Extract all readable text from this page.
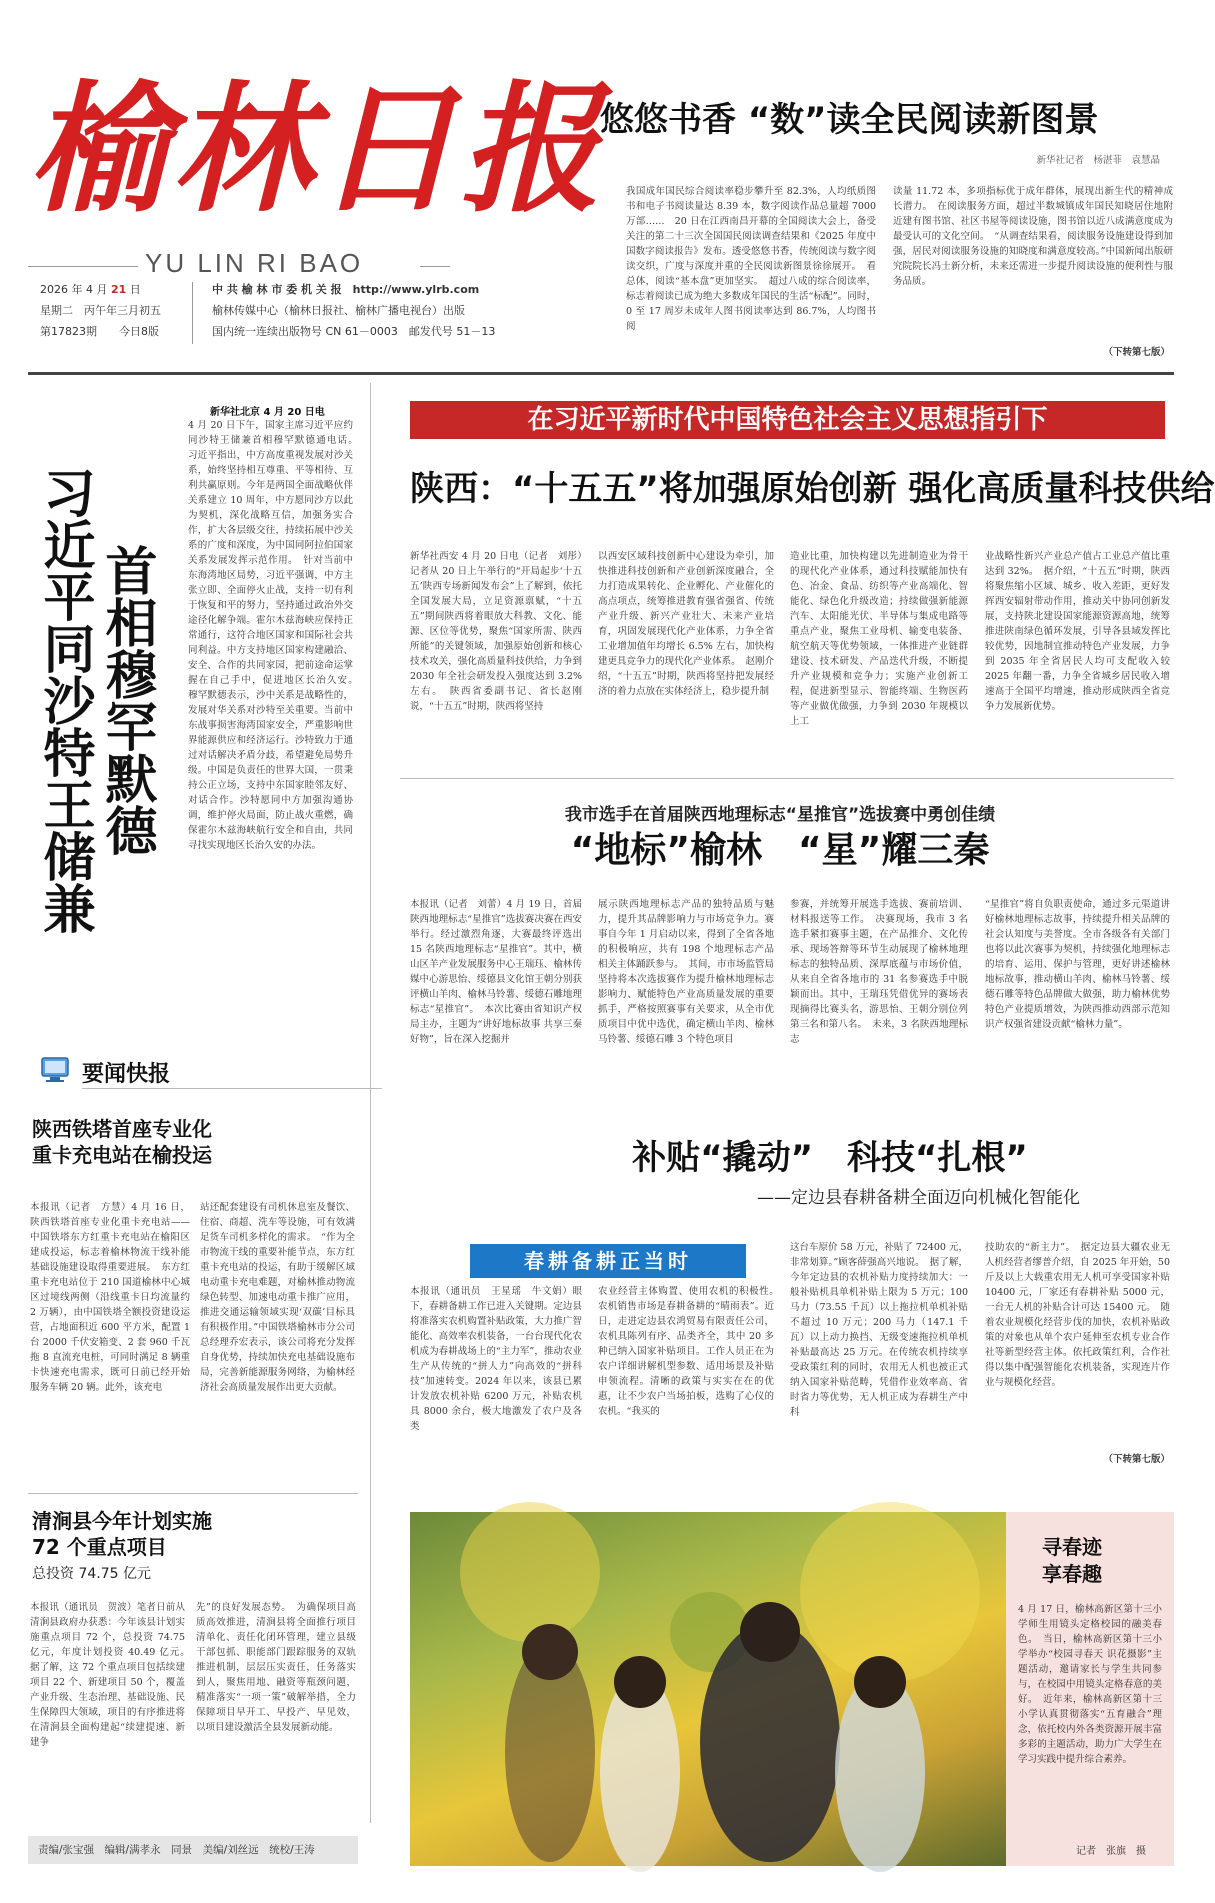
榆林日报
YU LIN RI BAO
2026 年 4 月 21 日
星期二　丙午年三月初五
第17823期　　今日8版
中 共 榆 林 市 委 机 关 报　http://www.ylrb.com
榆林传媒中心（榆林日报社、榆林广播电视台）出版
国内统一连续出版物号 CN 61－0003　邮发代号 51－13
悠悠书香 “数”读全民阅读新图景
新华社记者　杨湛菲　袁慧晶
我国成年国民综合阅读率稳步攀升至 82.3%，人均纸质图书和电子书阅读量达 8.39 本，数字阅读作品总量超 7000 万部……　20 日在江西南昌开幕的全国阅读大会上，备受关注的第二十三次全国国民阅读调查结果和《2025 年度中国数字阅读报告》发布。透受悠悠书香，传统阅读与数字阅读交织，广度与深度并重的全民阅读新图景徐徐展开。　看总体，阅读“基本盘”更加坚实。　超过八成的综合阅读率，标志着阅读已成为绝大多数成年国民的生活“标配”。同时，0 至 17 周岁未成年人图书阅读率达到 86.7%，人均图书阅
读量 11.72 本，多项指标优于成年群体，展现出新生代的精神成长潜力。　在阅读服务方面，超过半数城镇成年国民知晓居住地附近建有图书馆、社区书屋等阅读设施，图书馆以近八成满意度成为最受认可的文化空间。　“从调查结果看，阅读服务设施建设得到加强，居民对阅读服务设施的知晓度和满意度较高。”中国新闻出版研究院院长冯士新分析，未来还需进一步提升阅读设施的便利性与服务品质。
（下转第七版）
习近平同沙特王储兼 首相穆罕默德
新华社北京 4 月 20 日电
4 月 20 日下午，国家主席习近平应约同沙特王储兼首相穆罕默德通电话。　习近平指出，中方高度重视发展对沙关系，始终坚持相互尊重、平等相待、互利共赢原则。今年是两国全面战略伙伴关系建立 10 周年，中方愿同沙方以此为契机，深化战略互信，加强务实合作，扩大各层级交往，持续拓展中沙关系的广度和深度，为中国同阿拉伯国家关系发展发挥示范作用。　针对当前中东海湾地区局势，习近平强调，中方主张立即、全面停火止战，支持一切有利于恢复和平的努力，坚持通过政治外交途径化解争端。霍尔木兹海峡应保持正常通行，这符合地区国家和国际社会共同利益。中方支持地区国家构建融洽、安全、合作的共同家园，把前途命运掌握在自己手中，促进地区长治久安。　穆罕默德表示，沙中关系是战略性的，发展对华关系对沙特至关重要。当前中东战事损害海湾国家安全，严重影响世界能源供应和经济运行。沙特致力于通过对话解决矛盾分歧，希望避免局势升级。中国是负责任的世界大国，一贯秉持公正立场，支持中东国家睦邻友好、对话合作。沙特愿同中方加强沟通协调，维护停火局面，防止战火重燃，确保霍尔木兹海峡航行安全和自由，共同寻找实现地区长治久安的办法。
在习近平新时代中国特色社会主义思想指引下
陕西：“十五五”将加强原始创新 强化高质量科技供给
新华社西安 4 月 20 日电（记者　刘彤）记者从 20 日上午举行的“开局起步‘十五五’陕西专场新闻发布会”上了解到，依托全国发展大局，立足资源禀赋，“十五五”期间陕西将着眼放大科教、文化、能源、区位等优势，聚焦“国家所需、陕西所能”的关键领域，加强原始创新和核心技术攻关，强化高质量科技供给，力争到 2030 年全社会研发投入强度达到 3.2% 左右。　陕西省委副书记、省长赵刚说，“十五五”时期，陕西将坚持
以西安区域科技创新中心建设为牵引，加快推进科技创新和产业创新深度融合，全力打造成果转化、企业孵化、产业催化的高点项点，统筹推进教育强省强省、传统产业升级、新兴产业壮大、未来产业培育，巩固发展现代化产业体系，力争全省工业增加值年均增长 6.5% 左右，加快构建更具竞争力的现代化产业体系。　赵刚介绍，“十五五”时期，陕西将坚持把发展经济的着力点放在实体经济上，稳步提升制
造业比重，加快构建以先进制造业为骨干的现代化产业体系，通过科技赋能加快有色、冶金、食品、纺织等产业高端化、智能化、绿色化升级改造；持续做强新能源汽车、太阳能光伏、半导体与集成电路等重点产业，聚焦工业母机、输变电装备、航空航天等优势领域，一体推进产业链群建设、技术研发、产品迭代升级，不断提升产业规模和竞争力；实施产业创新工程，促进新型显示、智能终端、生物医药等产业做优做强，力争到 2030 年规模以上工
业战略性新兴产业总产值占工业总产值比重达到 32%。　据介绍，“十五五”时期，陕西将聚焦缩小区域、城乡、收入差距，更好发挥西安辐射带动作用，推动关中协同创新发展，支持陕北建设国家能源资源高地，统筹推进陕南绿色循环发展，引导各县域发挥比较优势，因地制宜推动特色产业发展，力争到 2035 年全省居民人均可支配收入较 2025 年翻一番，力争全省城乡居民收入增速高于全国平均增速，推动形成陕西全省竞争力发展新优势。
我市选手在首届陕西地理标志“星推官”选拔赛中勇创佳绩
“地标”榆林　“星”耀三秦
本报讯（记者　刘蕾）4 月 19 日，首届陕西地理标志“星推官”选拔赛决赛在西安举行。经过激烈角逐，大赛最终评选出 15 名陕西地理标志“星推官”。其中，横山区羊产业发展服务中心王瑞珏、榆林传媒中心游思怡、绥德县文化馆王朝分别获评横山羊肉、榆林马铃薯、绥德石雕地理标志“星推官”。　本次比赛由省知识产权局主办，主题为“讲好地标故事 共享三秦好物”，旨在深入挖掘并
展示陕西地理标志产品的独特品质与魅力，提升其品牌影响力与市场竞争力。赛事自今年 1 月启动以来，得到了全省各地的积极响应，共有 198 个地理标志产品相关主体踊跃参与。　其间，市市场监管局坚持将本次选拔赛作为提升榆林地理标志影响力、赋能特色产业高质量发展的重要抓手，严格按照赛事有关要求，从全市优质项目中优中选优，确定横山羊肉、榆林马铃薯、绥德石雕 3 个特色项目
参赛，并统筹开展选手选拔、赛前培训、材料报送等工作。　决赛现场，我市 3 名选手紧扣赛事主题，在产品推介、文化传承、现场答辩等环节生动展现了榆林地理标志的独特品质、深厚底蕴与市场价值，从来自全省各地市的 31 名参赛选手中脱颖而出。其中，王瑞珏凭借优异的赛场表现摘得比赛头名，游思怡、王朝分别位列第三名和第八名。　未来，3 名陕西地理标志
“星推官”将自负职责使命，通过多元渠道讲好榆林地理标志故事，持续提升相关品牌的社会认知度与美誉度。全市各级各有关部门也将以此次赛事为契机，持续强化地理标志的培育、运用、保护与管理，更好讲述榆林地标故事，推动横山羊肉、榆林马铃薯、绥德石雕等特色品牌做大做强，助力榆林优势特色产业提质增效，为陕西推动西部示范知识产权强省建设贡献“榆林力量”。
要闻快报
陕西铁塔首座专业化
重卡充电站在榆投运
本报讯（记者　方慧）4 月 16 日，陕西铁塔首座专业化重卡充电站——中国铁塔东方红重卡充电站在榆阳区建成投运，标志着榆林物流干线补能基础设施建设取得重要进展。　东方红重卡充电站位于 210 国道榆林中心城区过境线两侧（沿线重卡日均流量约 2 万辆），由中国铁塔全额投资建设运营，占地面积近 600 平方米，配置 1 台 2000 千伏安箱变、2 套 960 千瓦拖 8 直流充电桩，可同时满足 8 辆重卡快速充电需求，既可日前已经开始服务车辆 20 辆。此外，该充电
站还配套建设有司机休息室及餐饮、住宿、商超、洗车等设施，可有效满足货车司机多样化的需求。　“作为全市物流干线的重要补能节点，东方红重卡充电站的投运，有助于缓解区域电动重卡充电难题，对榆林推动物流绿色转型、加速电动重卡推广应用，推进交通运输领域实现‘双碳’目标具有积极作用。”中国铁塔榆林市分公司总经理乔宏表示，该公司将充分发挥自身优势，持续加快充电基础设施布局，完善新能源服务网络，为榆林经济社会高质量发展作出更大贡献。
清涧县今年计划实施
72 个重点项目
总投资 74.75 亿元
本报讯（通讯员　贺波）笔者日前从清涧县政府办获悉：今年该县计划实施重点项目 72 个，总投资 74.75 亿元，年度计划投资 40.49 亿元。　据了解，这 72 个重点项目包括续建项目 22 个、新建项目 50 个，覆盖产业升级、生态治理、基础设施、民生保障四大领域，项目的有序推进将在清涧县全面构建起“续建提速、新建争
先”的良好发展态势。　为确保项目高质高效推进，清涧县将全面推行项目清单化、责任化闭环管理，建立县级干部包抓、职能部门跟踪服务的双轨推进机制，层层压实责任，任务落实到人，聚焦用地、融资等瓶颈问题，精准落实“一项一策”破解举措，全力保障项目早开工、早投产、早见效，以项目建设激活全县发展新动能。
补贴“撬动”　科技“扎根”
——定边县春耕备耕全面迈向机械化智能化
春耕备耕正当时
本报讯（通讯员　王星瑶　牛文娟）眼下，春耕备耕工作已进入关键期。定边县将准落实农机购置补贴政策，大力推广智能化、高效率农机装备，一台台现代化农机成为春耕战场上的“主力军”，推动农业生产从传统的“拼人力”向高效的“拼科技”加速转变。2024 年以来，该县已累计发放农机补贴 6200 万元，补贴农机具 8000 余台，极大地激发了农户及各类
农业经营主体购置、使用农机的积极性。　农机销售市场是春耕备耕的“晴雨表”。近日，走进定边县农鸿贸易有限责任公司，农机具陈列有序、品类齐全，其中 20 多种已纳入国家补贴项目。工作人员正在为农户详细讲解机型参数、适用场景及补贴申领流程。清晰的政策与实实在在的优惠，让不少农户当场拍板，选购了心仪的农机。“我买的
这台车原价 58 万元，补贴了 72400 元，非常划算。”顾客薛强高兴地说。　据了解，今年定边县的农机补贴力度持续加大：一般补贴机具单机补贴上限为 5 万元；100 马力（73.55 千瓦）以上拖拉机单机补贴不超过 10 万元；200 马力（147.1 千瓦）以上动力换挡、无级变速拖拉机单机补贴最高达 25 万元。在传统农机持续享受政策红利的同时，农用无人机也被正式纳入国家补贴范畴，凭借作业效率高、省时省力等优势，无人机正成为春耕生产中科
技助农的“新主力”。　据定边县大疆农业无人机经营者缪普介绍，自 2025 年开始，50 斤及以上大载重农用无人机可享受国家补贴 10400 元，厂家还有春耕补贴 5000 元，一台无人机的补贴合计可达 15400 元。　随着农业规模化经营步伐的加快，农机补贴政策的对象也从单个农户延伸至农机专业合作社等新型经营主体。依托政策红利，合作社得以集中配强智能化农机装备，实现连片作业与规模化经营。
（下转第七版）
寻春迹
享春趣
4 月 17 日，榆林高新区第十三小学师生用镜头定格校园的融美春色。　当日，榆林高新区第十三小学举办“校园寻春天 识花摄影”主题活动，邀请家长与学生共同参与，在校园中用镜头定格春意的美好。　近年来，榆林高新区第十三小学认真贯彻落实“五育融合”理念，依托校内外各类资源开展丰富多彩的主题活动，助力广大学生在学习实践中提升综合素养。
记者　张旗　摄
责编/张宝强　编辑/满孝永　同景　美编/刘丝远　统校/王涛
